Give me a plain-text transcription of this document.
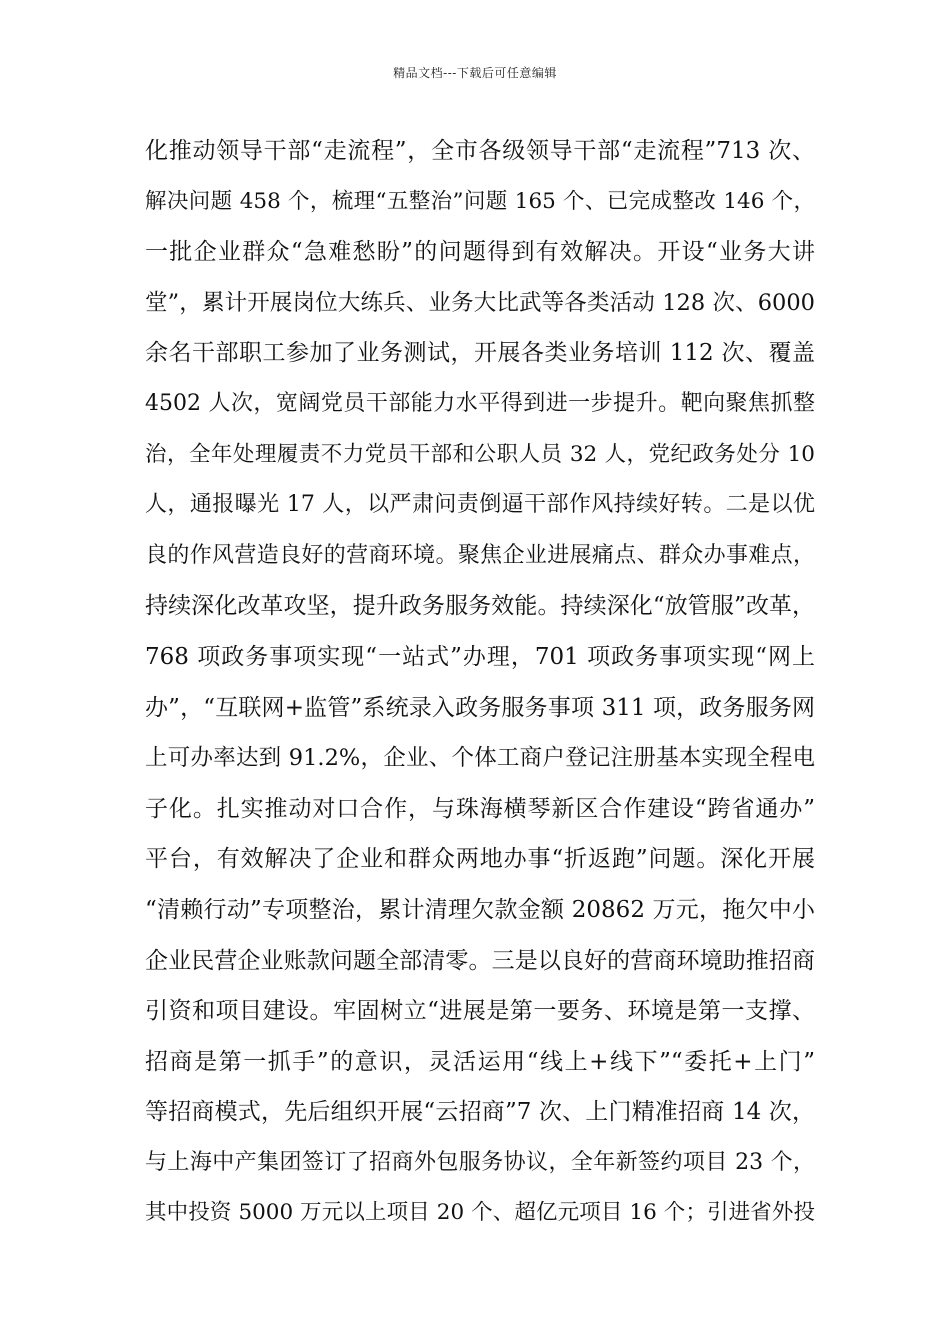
精品文档---下载后可任意编辑
化推动领导干部“走流程”，全市各级领导干部“走流程”713 次、
解决问题 458 个，梳理“五整治”问题 165 个、已完成整改 146 个，
一批企业群众“急难愁盼”的问题得到有效解决。开设“业务大讲
堂”，累计开展岗位大练兵、业务大比武等各类活动 128 次、6000
余名干部职工参加了业务测试，开展各类业务培训 112 次、覆盖
4502 人次，宽阔党员干部能力水平得到进一步提升。靶向聚焦抓整
治，全年处理履责不力党员干部和公职人员 32 人，党纪政务处分 10
人，通报曝光 17 人，以严肃问责倒逼干部作风持续好转。二是以优
良的作风营造良好的营商环境。聚焦企业进展痛点、群众办事难点，
持续深化改革攻坚，提升政务服务效能。持续深化“放管服”改革，
768 项政务事项实现“一站式”办理，701 项政务事项实现“网上
办”，“互联网+监管”系统录入政务服务事项 311 项，政务服务网
上可办率达到 91.2%，企业、个体工商户登记注册基本实现全程电
子化。扎实推动对口合作，与珠海横琴新区合作建设“跨省通办”
平台，有效解决了企业和群众两地办事“折返跑”问题。深化开展
“清赖行动”专项整治，累计清理欠款金额 20862 万元，拖欠中小
企业民营企业账款问题全部清零。三是以良好的营商环境助推招商
引资和项目建设。牢固树立“进展是第一要务、环境是第一支撑、
招商是第一抓手”的意识，灵活运用“线上+线下”“委托+上门”
等招商模式，先后组织开展“云招商”7 次、上门精准招商 14 次，
与上海中产集团签订了招商外包服务协议，全年新签约项目 23 个，
其中投资 5000 万元以上项目 20 个、超亿元项目 16 个；引进省外投
